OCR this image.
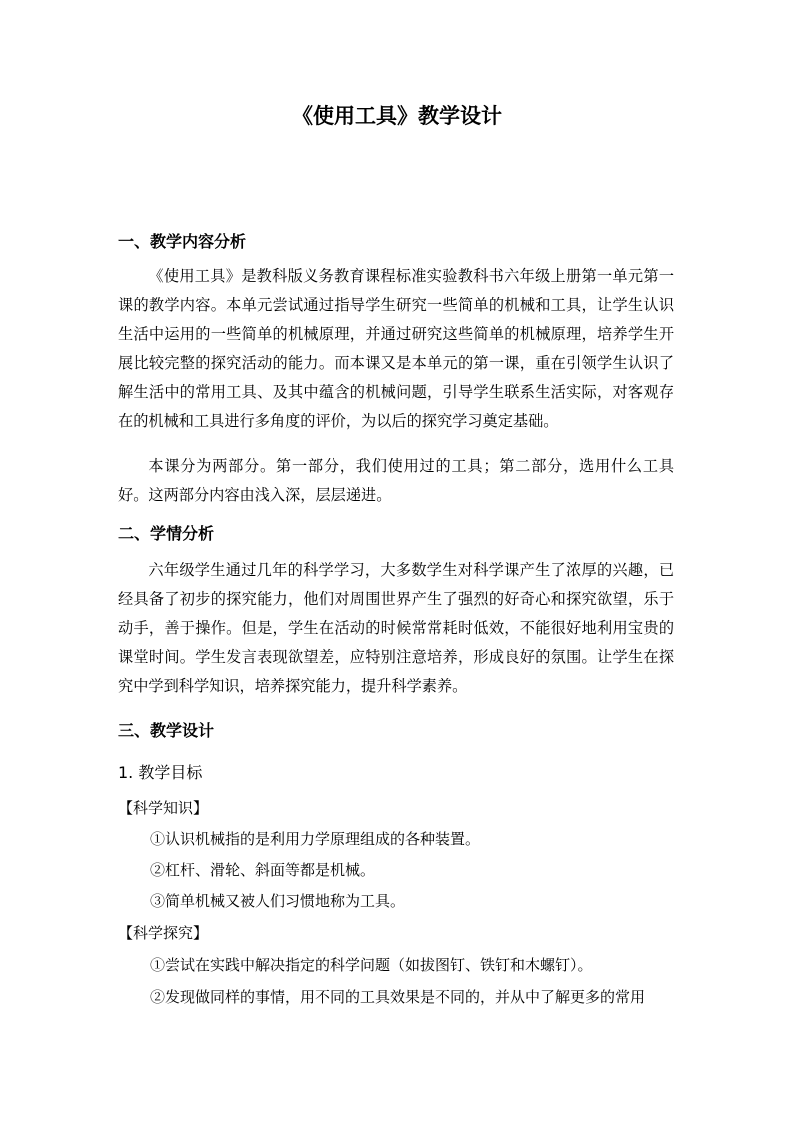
《使用工具》教学设计
一、教学内容分析

《使用工具》是教科版义务教育课程标准实验教科书六年级上册第一单元第一课的教学内容。本单元尝试通过指导学生研究一些简单的机械和工具，让学生认识生活中运用的一些简单的机械原理，并通过研究这些简单的机械原理，培养学生开展比较完整的探究活动的能力。而本课又是本单元的第一课，重在引领学生认识了解生活中的常用工具、及其中蕴含的机械问题，引导学生联系生活实际，对客观存在的机械和工具进行多角度的评价，为以后的探究学习奠定基础。

本课分为两部分。第一部分，我们使用过的工具；第二部分，选用什么工具好。这两部分内容由浅入深，层层递进。

二、学情分析

六年级学生通过几年的科学学习，大多数学生对科学课产生了浓厚的兴趣，已经具备了初步的探究能力，他们对周围世界产生了强烈的好奇心和探究欲望，乐于动手，善于操作。但是，学生在活动的时候常常耗时低效，不能很好地利用宝贵的课堂时间。学生发言表现欲望差，应特别注意培养，形成良好的氛围。让学生在探究中学到科学知识，培养探究能力，提升科学素养。

三、教学设计
1. 教学目标
【科学知识】
①认识机械指的是利用力学原理组成的各种装置。
②杠杆、滑轮、斜面等都是机械。
③简单机械又被人们习惯地称为工具。
【科学探究】
①尝试在实践中解决指定的科学问题（如拔图钉、铁钉和木螺钉）。
②发现做同样的事情，用不同的工具效果是不同的，并从中了解更多的常用
